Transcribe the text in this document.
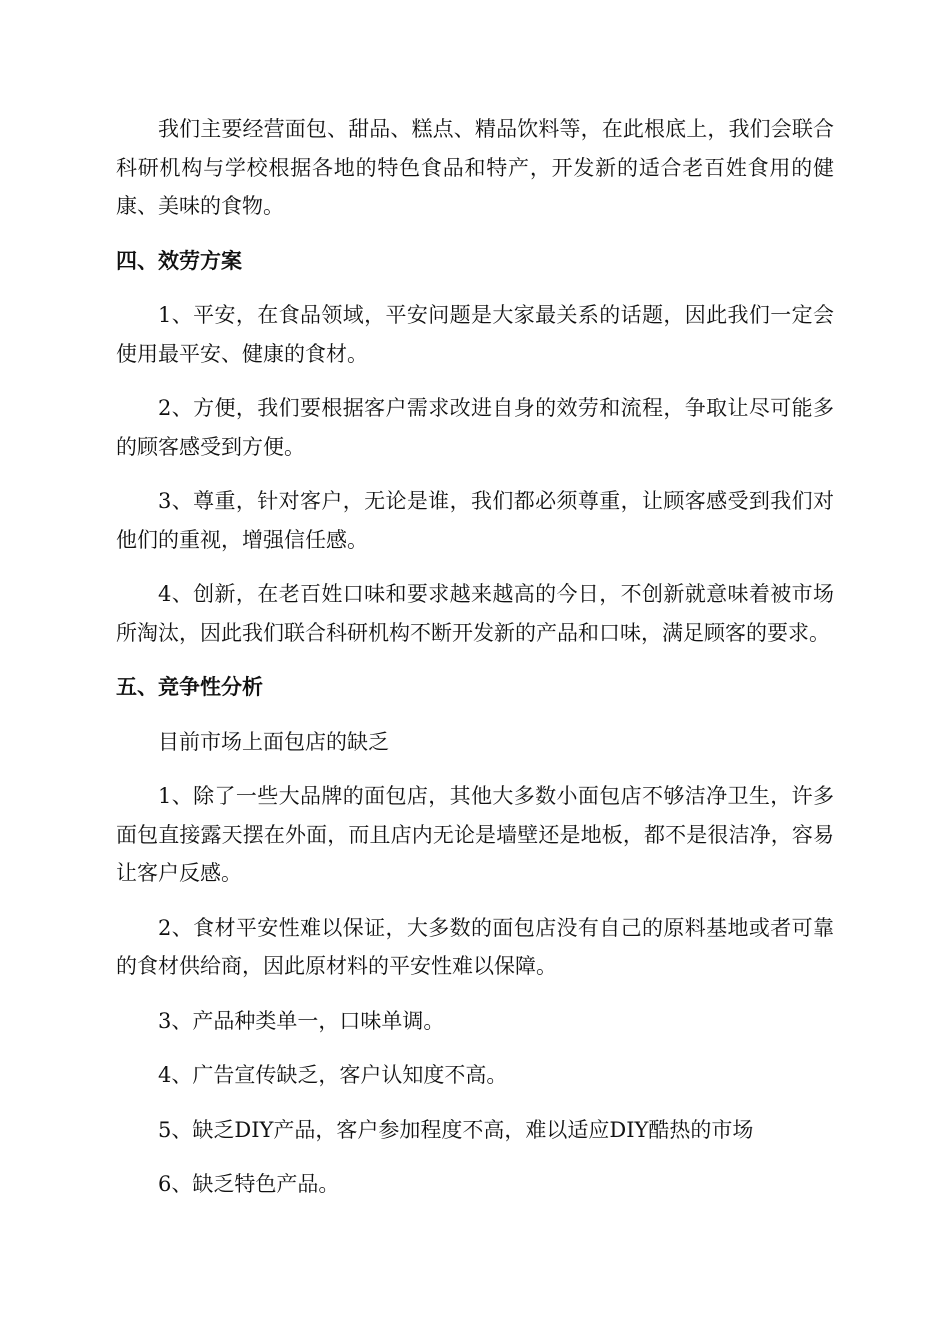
我们主要经营面包、甜品、糕点、精品饮料等，在此根底上，我们会联合科研机构与学校根据各地的特色食品和特产，开发新的适合老百姓食用的健康、美味的食物。

四、效劳方案

1、平安，在食品领域，平安问题是大家最关系的话题，因此我们一定会使用最平安、健康的食材。

2、方便，我们要根据客户需求改进自身的效劳和流程，争取让尽可能多的顾客感受到方便。

3、尊重，针对客户，无论是谁，我们都必须尊重，让顾客感受到我们对他们的重视，增强信任感。

4、创新，在老百姓口味和要求越来越高的今日，不创新就意味着被市场所淘汰，因此我们联合科研机构不断开发新的产品和口味，满足顾客的要求。

五、竞争性分析

目前市场上面包店的缺乏

1、除了一些大品牌的面包店，其他大多数小面包店不够洁净卫生，许多面包直接露天摆在外面，而且店内无论是墙壁还是地板，都不是很洁净，容易让客户反感。

2、食材平安性难以保证，大多数的面包店没有自己的原料基地或者可靠的食材供给商，因此原材料的平安性难以保障。

3、产品种类单一，口味单调。

4、广告宣传缺乏，客户认知度不高。

5、缺乏DIY产品，客户参加程度不高，难以适应DIY酷热的市场

6、缺乏特色产品。
